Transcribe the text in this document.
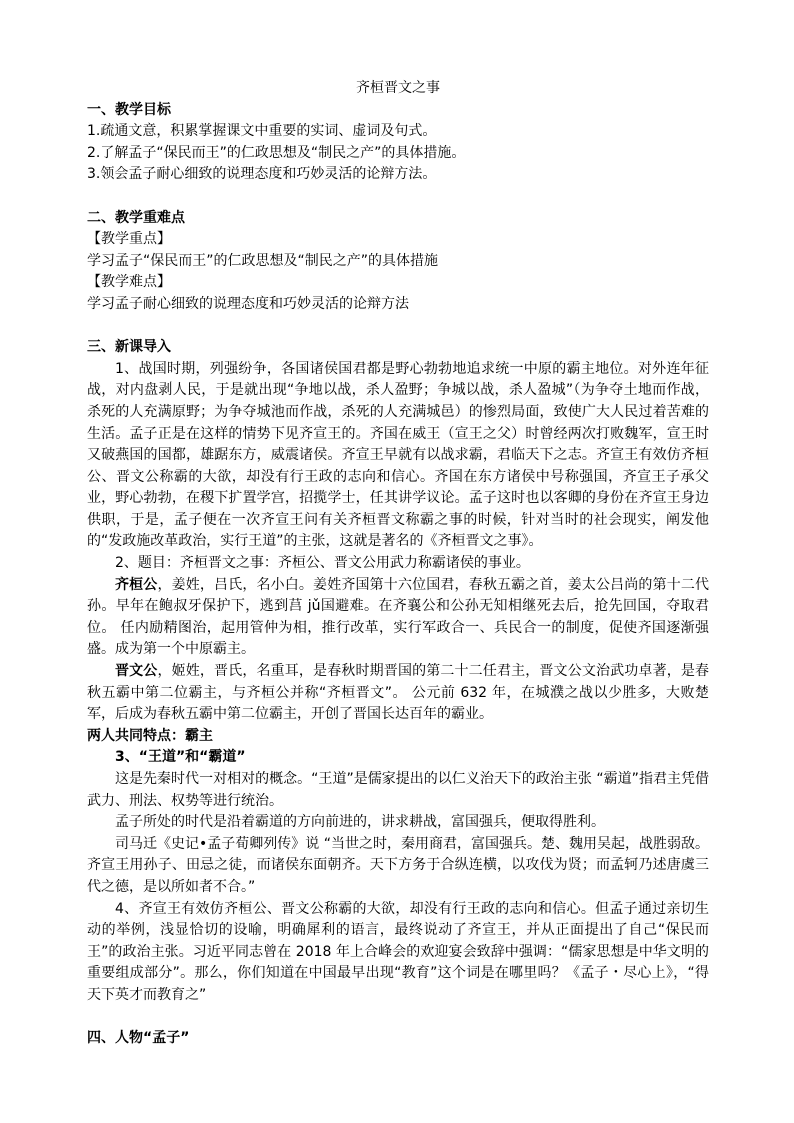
齐桓晋文之事
一、教学目标
1.疏通文意，积累掌握课文中重要的实词、虚词及句式。
2.了解孟子“保民而王”的仁政思想及“制民之产”的具体措施。
3.领会孟子耐心细致的说理态度和巧妙灵活的论辩方法。
二、教学重难点
【教学重点】
学习孟子“保民而王”的仁政思想及“制民之产”的具体措施
【教学难点】
学习孟子耐心细致的说理态度和巧妙灵活的论辩方法
三、新课导入
1、战国时期，列强纷争，各国诸侯国君都是野心勃勃地追求统一中原的霸主地位。对外连年征战，对内盘剥人民，于是就出现“争地以战，杀人盈野；争城以战，杀人盈城”（为争夺土地而作战，杀死的人充满原野；为争夺城池而作战，杀死的人充满城邑）的惨烈局面，致使广大人民过着苦难的生活。孟子正是在这样的情势下见齐宣王的。齐国在威王（宣王之父）时曾经两次打败魏军，宣王时又破燕国的国都，雄踞东方，威震诸侯。齐宣王早就有以战求霸，君临天下之志。齐宣王有效仿齐桓公、晋文公称霸的大欲，却没有行王政的志向和信心。齐国在东方诸侯中号称强国，齐宣王子承父业，野心勃勃，在稷下扩置学宫，招揽学士，任其讲学议论。孟子这时也以客卿的身份在齐宣王身边供职，于是，孟子便在一次齐宣王问有关齐桓晋文称霸之事的时候，针对当时的社会现实，阐发他的“发政施改革政治，实行王道”的主张，这就是著名的《齐桓晋文之事》。
2、题目：齐桓晋文之事：齐桓公、晋文公用武力称霸诸侯的事业。
齐桓公，姜姓，吕氏，名小白。姜姓齐国第十六位国君，春秋五霸之首，姜太公吕尚的第十二代孙。早年在鲍叔牙保护下，逃到莒 jǔ国避难。在齐襄公和公孙无知相继死去后，抢先回国，夺取君位。 任内励精图治，起用管仲为相，推行改革，实行军政合一、兵民合一的制度，促使齐国逐渐强盛。成为第一个中原霸主。
晋文公，姬姓，晋氏，名重耳，是春秋时期晋国的第二十二任君主，晋文公文治武功卓著，是春秋五霸中第二位霸主，与齐桓公并称“齐桓晋文”。 公元前 632 年，在城濮之战以少胜多，大败楚军，后成为春秋五霸中第二位霸主，开创了晋国长达百年的霸业。
两人共同特点：霸主
3、“王道”和“霸道”
这是先秦时代一对相对的概念。“王道”是儒家提出的以仁义治天下的政治主张 “霸道”指君主凭借武力、刑法、权势等进行统治。
孟子所处的时代是沿着霸道的方向前进的，讲求耕战，富国强兵，便取得胜利。
司马迁《史记•孟子荀卿列传》说 “当世之时，秦用商君，富国强兵。楚、魏用吴起，战胜弱敌。齐宣王用孙子、田忌之徒，而诸侯东面朝齐。天下方务于合纵连横，以攻伐为贤；而孟轲乃述唐虞三代之德，是以所如者不合。”
4、齐宣王有效仿齐桓公、晋文公称霸的大欲，却没有行王政的志向和信心。但孟子通过亲切生动的举例，浅显恰切的设喻，明确犀利的语言，最终说动了齐宣王，并从正面提出了自己“保民而王”的政治主张。习近平同志曾在 2018 年上合峰会的欢迎宴会致辞中强调：“儒家思想是中华文明的重要组成部分”。那么，你们知道在中国最早出现“教育”这个词是在哪里吗？《孟子・尽心上》，“得天下英才而教育之”
四、人物“孟子”
